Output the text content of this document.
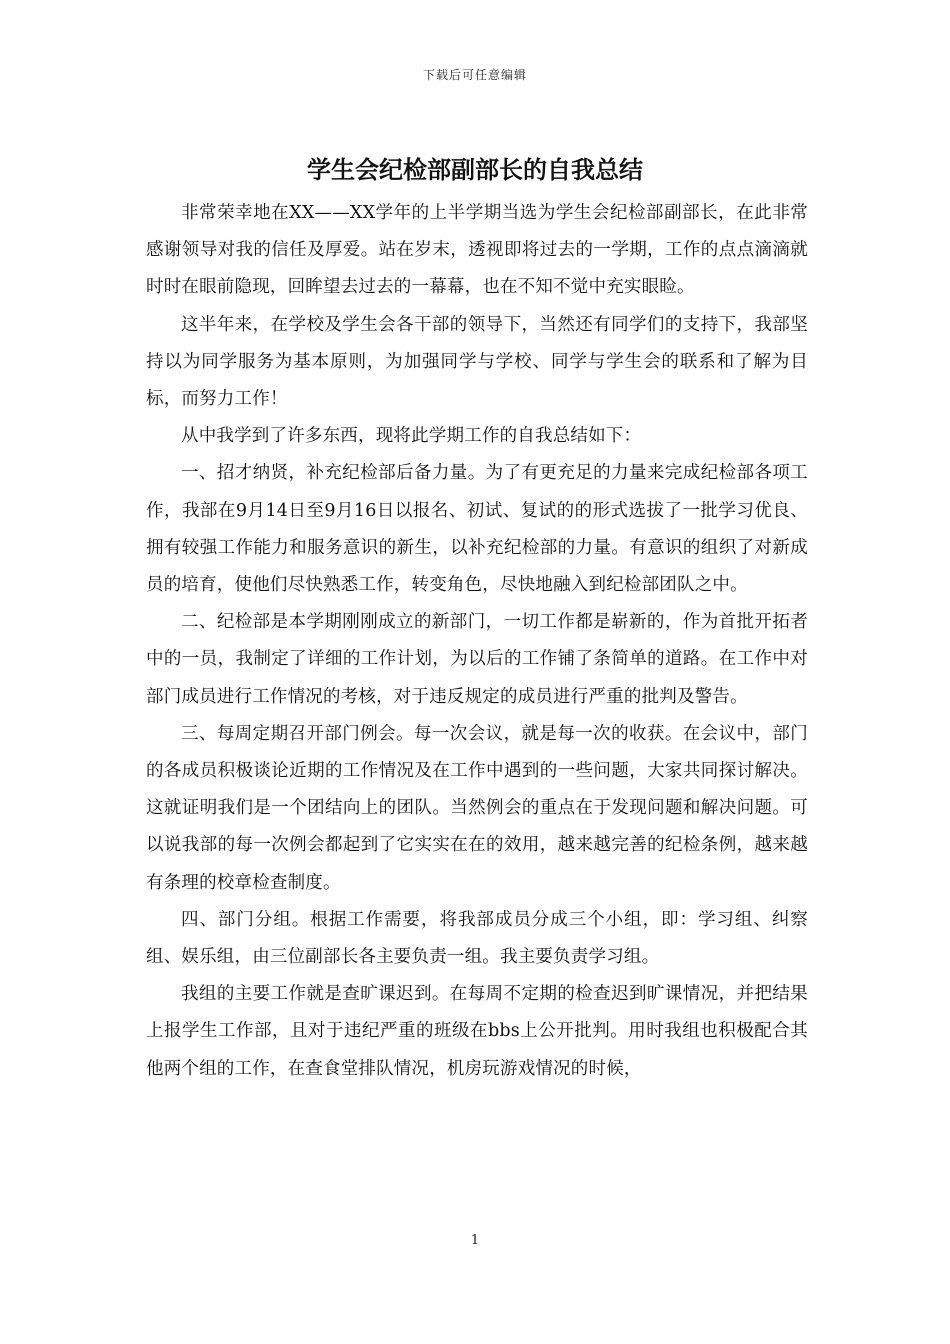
下载后可任意编辑
学生会纪检部副部长的自我总结

非常荣幸地在XX——XX学年的上半学期当选为学生会纪检部副部长，在此非常感谢领导对我的信任及厚爱。站在岁末，透视即将过去的一学期，工作的点点滴滴就时时在眼前隐现，回眸望去过去的一幕幕，也在不知不觉中充实眼睑。

这半年来，在学校及学生会各干部的领导下，当然还有同学们的支持下，我部坚持以为同学服务为基本原则，为加强同学与学校、同学与学生会的联系和了解为目标，而努力工作！

从中我学到了许多东西，现将此学期工作的自我总结如下：

一、招才纳贤，补充纪检部后备力量。为了有更充足的力量来完成纪检部各项工作，我部在9月14日至9月16日以报名、初试、复试的的形式选拔了一批学习优良、拥有较强工作能力和服务意识的新生，以补充纪检部的力量。有意识的组织了对新成员的培育，使他们尽快熟悉工作，转变角色，尽快地融入到纪检部团队之中。

二、纪检部是本学期刚刚成立的新部门，一切工作都是崭新的，作为首批开拓者中的一员，我制定了详细的工作计划，为以后的工作铺了条简单的道路。在工作中对部门成员进行工作情况的考核，对于违反规定的成员进行严重的批判及警告。

三、每周定期召开部门例会。每一次会议，就是每一次的收获。在会议中，部门的各成员积极谈论近期的工作情况及在工作中遇到的一些问题，大家共同探讨解决。这就证明我们是一个团结向上的团队。当然例会的重点在于发现问题和解决问题。可以说我部的每一次例会都起到了它实实在在的效用，越来越完善的纪检条例，越来越有条理的校章检查制度。

四、部门分组。根据工作需要，将我部成员分成三个小组，即：学习组、纠察组、娱乐组，由三位副部长各主要负责一组。我主要负责学习组。

我组的主要工作就是查旷课迟到。在每周不定期的检查迟到旷课情况，并把结果上报学生工作部，且对于违纪严重的班级在bbs上公开批判。用时我组也积极配合其他两个组的工作，在查食堂排队情况，机房玩游戏情况的时候，

1
